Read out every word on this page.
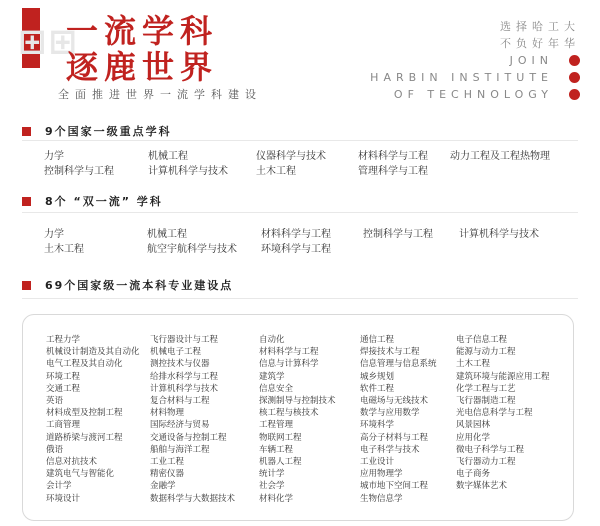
⊞⊞
一流学科
逐鹿世界
全面推进世界一流学科建设
选择哈工大
不负好年华
JOIN
HARBIN INSTITUTE
OF TECHNOLOGY
9个国家一级重点学科
力学	机械工程	仪器科学与技术	材料科学与工程	动力工程及工程热物理
控制科学与工程	计算机科学与技术	土木工程	管理科学与工程
8个 “双一流” 学科
力学	机械工程	材料科学与工程	控制科学与工程	计算机科学与技术
土木工程	航空宇航科学与技术	环境科学与工程
69个国家级一流本科专业建设点
工程力学	飞行器设计与工程	自动化	通信工程	电子信息工程
机械设计制造及其自动化	机械电子工程	材料科学与工程	焊接技术与工程	能源与动力工程
电气工程及其自动化	测控技术与仪器	信息与计算科学	信息管理与信息系统	土木工程
环境工程	给排水科学与工程	建筑学	城乡规划	建筑环境与能源应用工程
交通工程	计算机科学与技术	信息安全	软件工程	化学工程与工艺
英语	复合材料与工程	探测制导与控制技术	电磁场与无线技术	飞行器制造工程
材料成型及控制工程	材料物理	核工程与核技术	数学与应用数学	光电信息科学与工程
工商管理	国际经济与贸易	工程管理	环境科学	风景园林
道路桥梁与渡河工程	交通设备与控制工程	物联网工程	高分子材料与工程	应用化学
俄语	船舶与海洋工程	车辆工程	电子科学与技术	微电子科学与工程
信息对抗技术	工业工程	机器人工程	工业设计	飞行器动力工程
建筑电气与智能化	精密仪器	统计学	应用物理学	电子商务
会计学	金融学	社会学	城市地下空间工程	数字媒体艺术
环境设计	数据科学与大数据技术	材料化学	生物信息学
